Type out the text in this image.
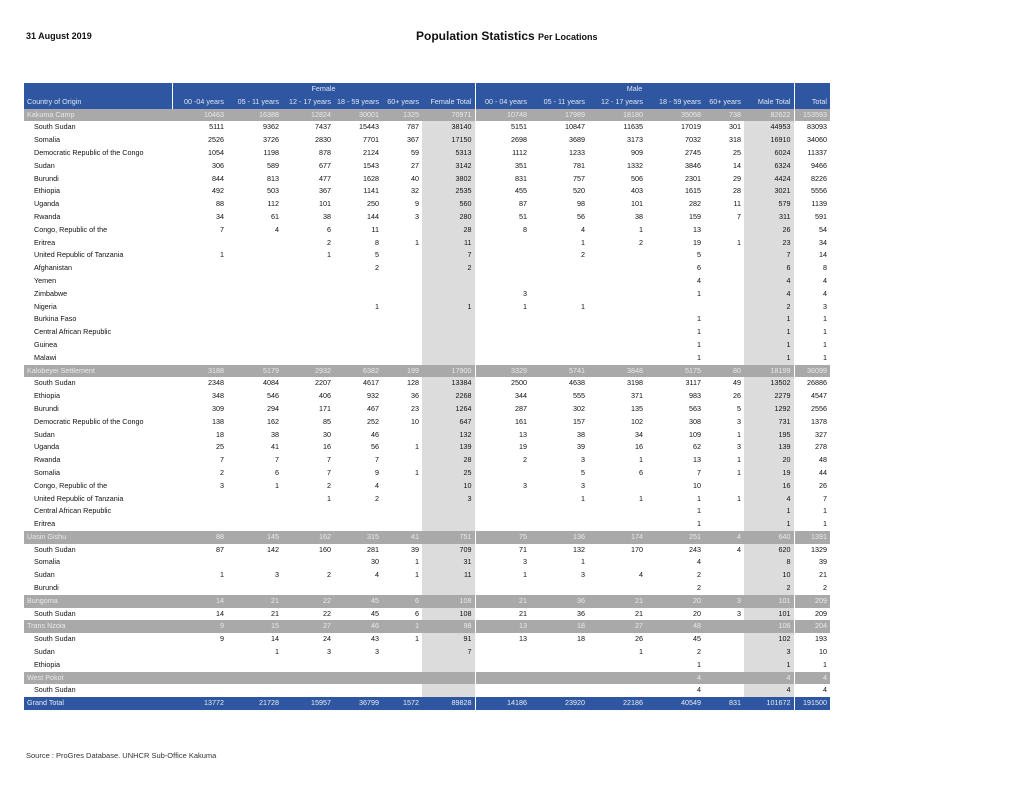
31 August 2019	Population Statistics Per Locations
	Female						Male						
Country of Origin	00 -04 years	05 - 11 years	12 - 17 years	18 - 59 years	60+ years	Female Total	00 - 04 years	05 - 11 years	12 - 17 years	18 - 59 years	60+ years	Male Total	Total
Kakuma Camp	10463	16388	12824	30001	1325	70971	10748	17989	18180	35058	738	82622	153593
South Sudan	5111	9362	7437	15443	787	38140	5151	10847	11635	17019	301	44953	83093
Somalia	2526	3726	2830	7701	367	17150	2698	3689	3173	7032	318	16910	34060
Democratic Republic of the Congo	1054	1198	878	2124	59	5313	1112	1233	909	2745	25	6024	11337
Sudan	306	589	677	1543	27	3142	351	781	1332	3846	14	6324	9466
Burundi	844	813	477	1628	40	3802	831	757	506	2301	29	4424	8226
Ethiopia	492	503	367	1141	32	2535	455	520	403	1615	28	3021	5556
Uganda	88	112	101	250	9	560	87	98	101	282	11	579	1139
Rwanda	34	61	38	144	3	280	51	56	38	159	7	311	591
Congo, Republic of the	7	4	6	11		28	8	4	1	13		26	54
Eritrea			2	8	1	11		1	2	19	1	23	34
United Republic of Tanzania	1		1	5		7		2		5		7	14
Afghanistan				2		2				6		6	8
Yemen										4		4	4
Zimbabwe							3			1		4	4
Nigeria				1		1	1	1				2	3
Burkina Faso										1		1	1
Central African Republic										1		1	1
Guinea										1		1	1
Malawi										1		1	1
Kalobeyei Settlement	3188	5179	2932	6382	199	17900	3329	5741	3848	5175	80	18199	36099
South Sudan	2348	4084	2207	4617	128	13384	2500	4638	3198	3117	49	13502	26886
Ethiopia	348	546	406	932	36	2268	344	555	371	983	26	2279	4547
Burundi	309	294	171	467	23	1264	287	302	135	563	5	1292	2556
Democratic Republic of the Congo	138	162	85	252	10	647	161	157	102	308	3	731	1378
Sudan	18	38	30	46		132	13	38	34	109	1	195	327
Uganda	25	41	16	56	1	139	19	39	16	62	3	139	278
Rwanda	7	7	7	7		28	2	3	1	13	1	20	48
Somalia	2	6	7	9	1	25		5	6	7	1	19	44
Congo, Republic of the	3	1	2	4		10	3	3		10		16	26
United Republic of Tanzania			1	2		3		1	1	1	1	4	7
Central African Republic										1		1	1
Eritrea										1		1	1
Uasin Gishu	88	145	162	315	41	751	75	136	174	251	4	640	1391
South Sudan	87	142	160	281	39	709	71	132	170	243	4	620	1329
Somalia				30	1	31	3	1		4		8	39
Sudan	1	3	2	4	1	11	1	3	4	2		10	21
Burundi										2		2	2
Bungoma	14	21	22	45	6	108	21	36	21	20	3	101	209
South Sudan	14	21	22	45	6	108	21	36	21	20	3	101	209
Trans Nzoia	9	15	27	46	1	98	13	18	27	48		106	204
South Sudan	9	14	24	43	1	91	13	18	26	45		102	193
Sudan		1	3	3		7			1	2		3	10
Ethiopia										1		1	1
West Pokot										4		4	4
South Sudan										4		4	4
Grand Total	13772	21728	15957	36799	1572	89828	14186	23920	22186	40549	831	101672	191500
Source : ProGres Database. UNHCR Sub-Office Kakuma
